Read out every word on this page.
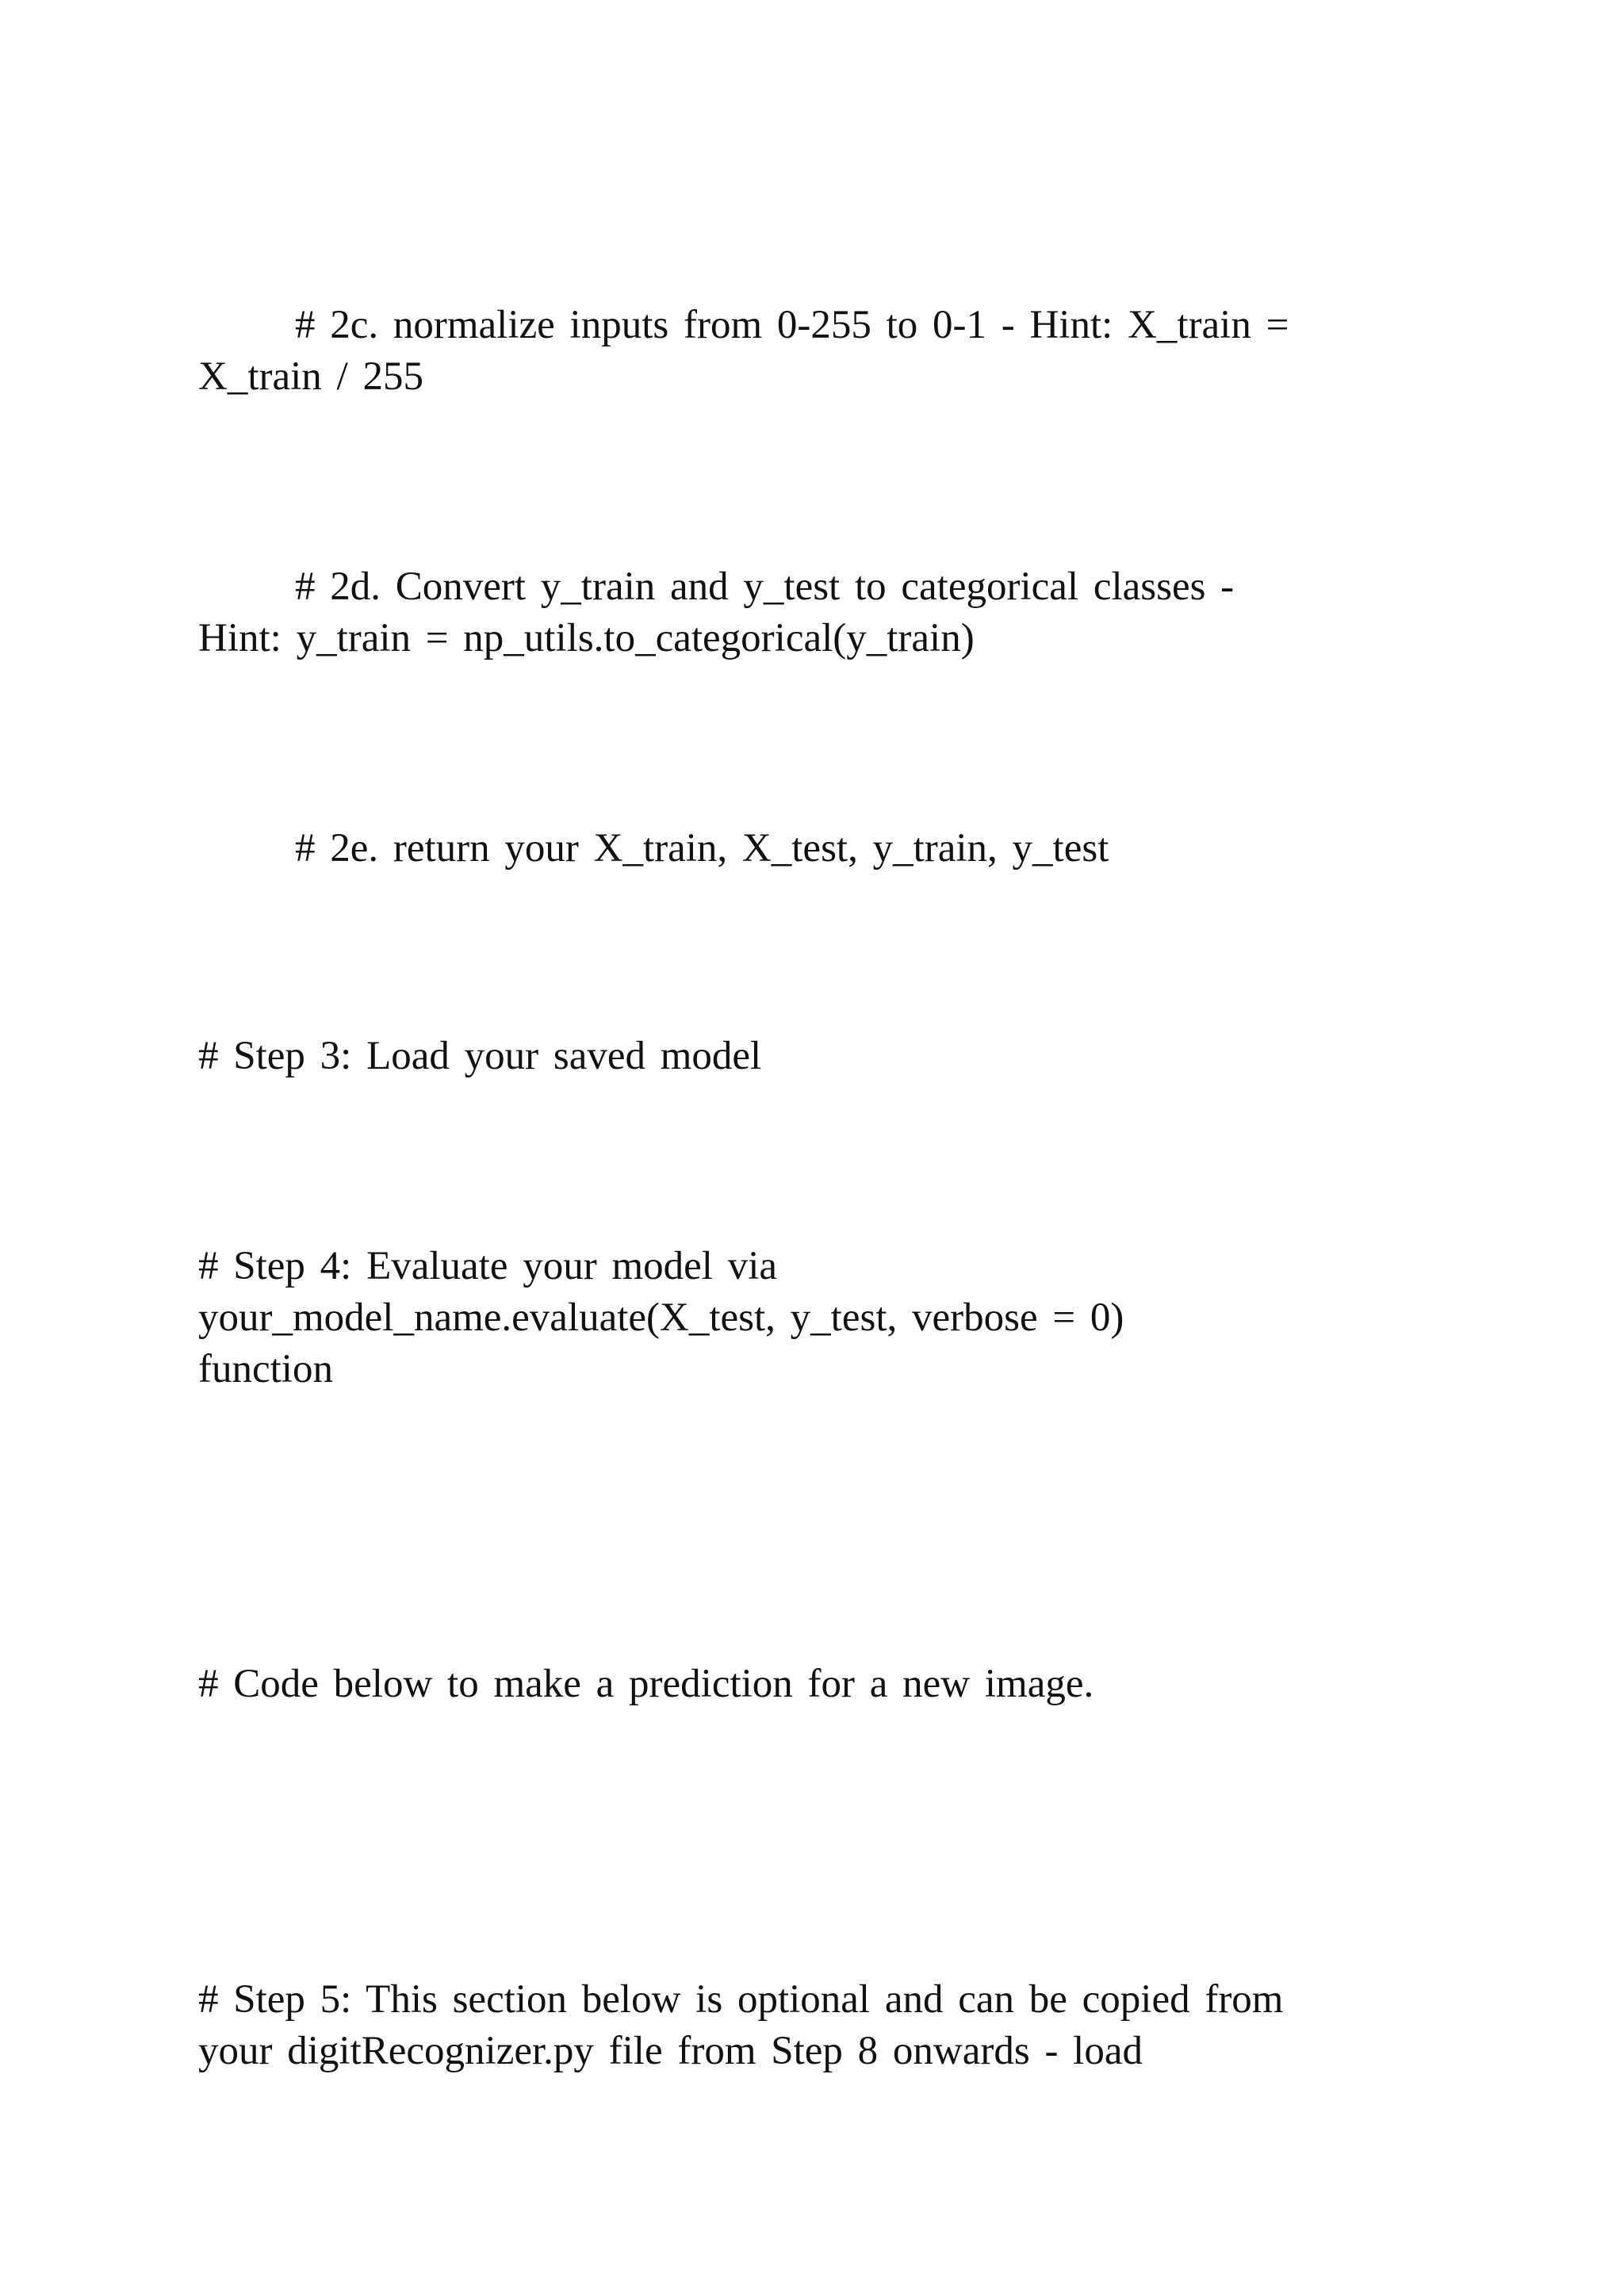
# 2c. normalize inputs from 0-255 to 0-1 - Hint: X_train =
X_train / 255

# 2d. Convert y_train and y_test to categorical classes -
Hint: y_train = np_utils.to_categorical(y_train)

# 2e. return your X_train, X_test, y_train, y_test

# Step 3: Load your saved model

# Step 4: Evaluate your model via
your_model_name.evaluate(X_test, y_test, verbose = 0)
function

# Code below to make a prediction for a new image.

# Step 5: This section below is optional and can be copied from
your digitRecognizer.py file from Step 8 onwards - load
